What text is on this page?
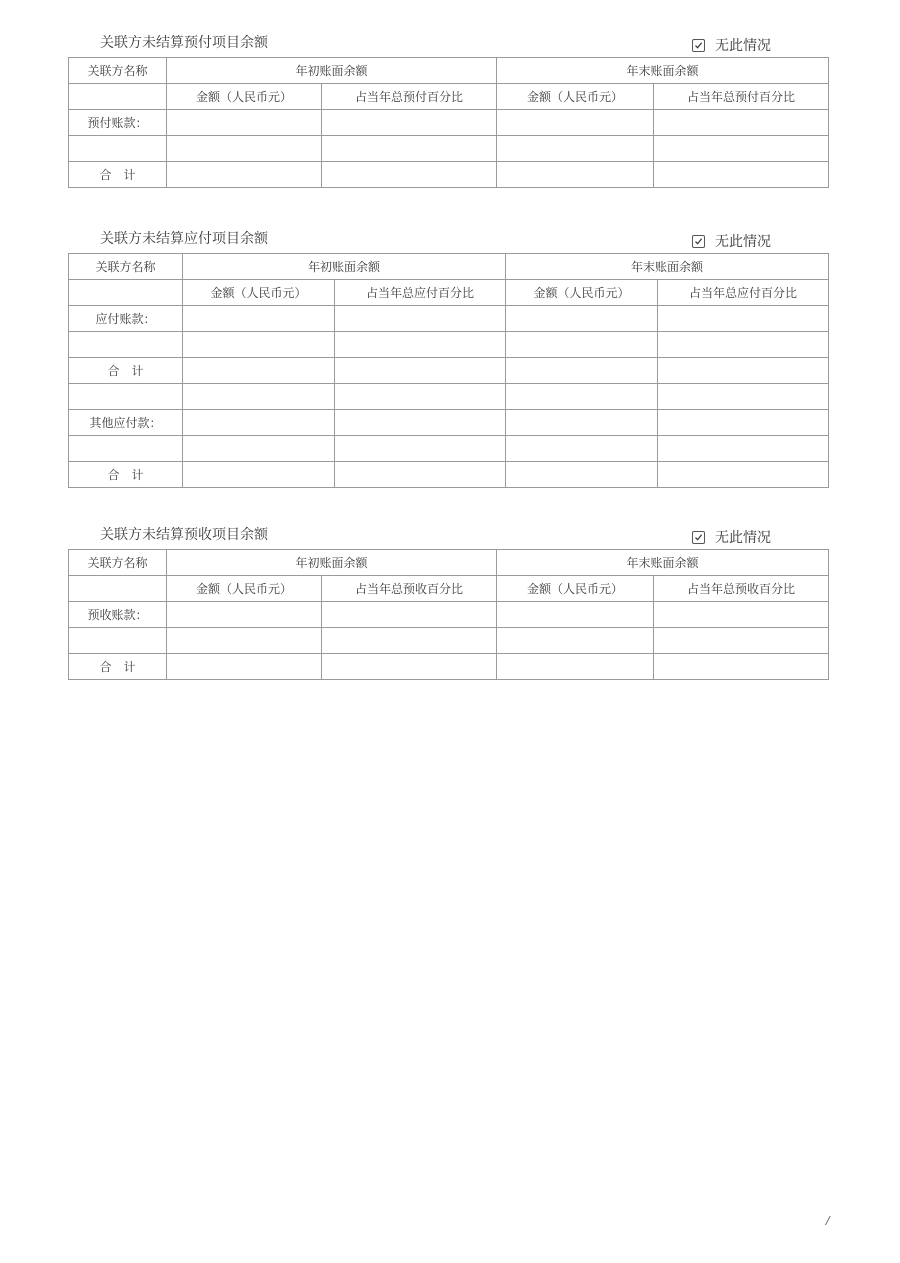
关联方未结算预付项目余额	无此情况
关联方名称	年初账面余额		年末账面余额	
	金额（人民币元）	占当年总预付百分比	金额（人民币元）	占当年总预付百分比
预付账款：				

合　计				
关联方未结算应付项目余额	无此情况
关联方名称	年初账面余额		年末账面余额	
	金额（人民币元）	占当年总应付百分比	金额（人民币元）	占当年总应付百分比
应付账款：				

合　计				

其他应付款：				

合　计				
关联方未结算预收项目余额	无此情况
关联方名称	年初账面余额		年末账面余额	
	金额（人民币元）	占当年总预收百分比	金额（人民币元）	占当年总预收百分比
预收账款：				

合　计				
/
